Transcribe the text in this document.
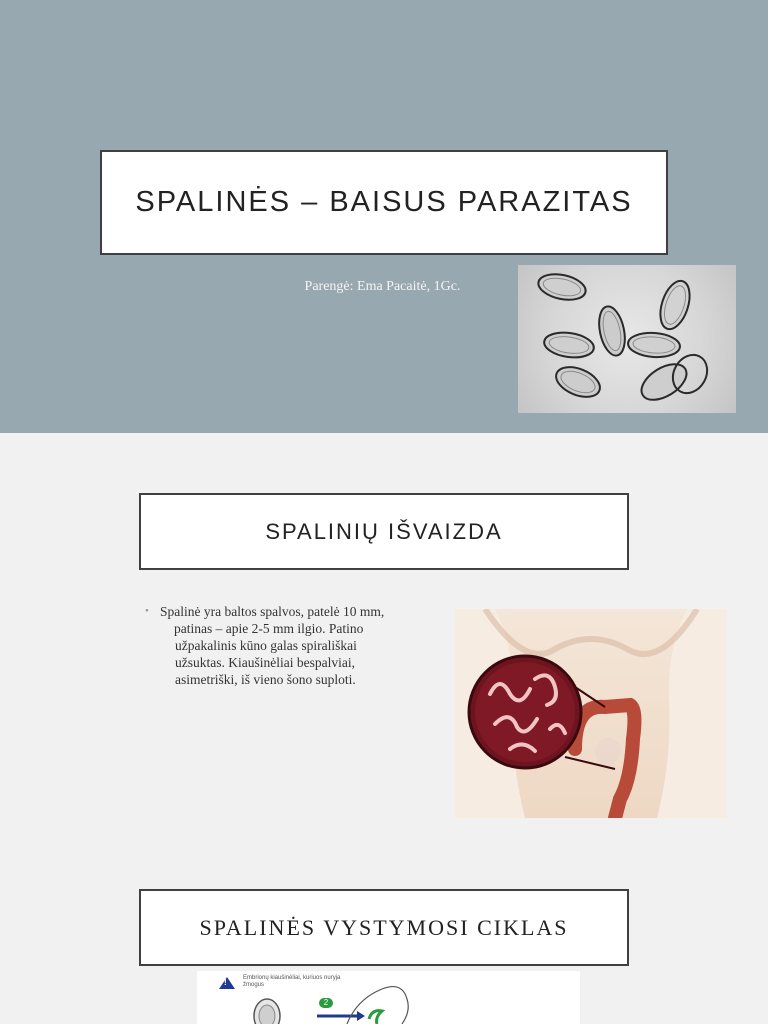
SPALINĖS – BAISUS PARAZITAS
Parengė: Ema Pacaitė, 1Gc.
SPALINIŲ IŠVAIZDA
• Spalinė yra baltos spalvos, patelė 10 mm,
patinas – apie 2-5 mm ilgio. Patino užpakalinis kūno galas spirališkai užsuktas. Kiaušinėliai bespalviai, asimetriški, iš vieno šono suploti.
SPALINĖS VYSTYMOSI CIKLAS
!	Embrionų kiaušinėliai, kuriuos nuryja žmogus
2
